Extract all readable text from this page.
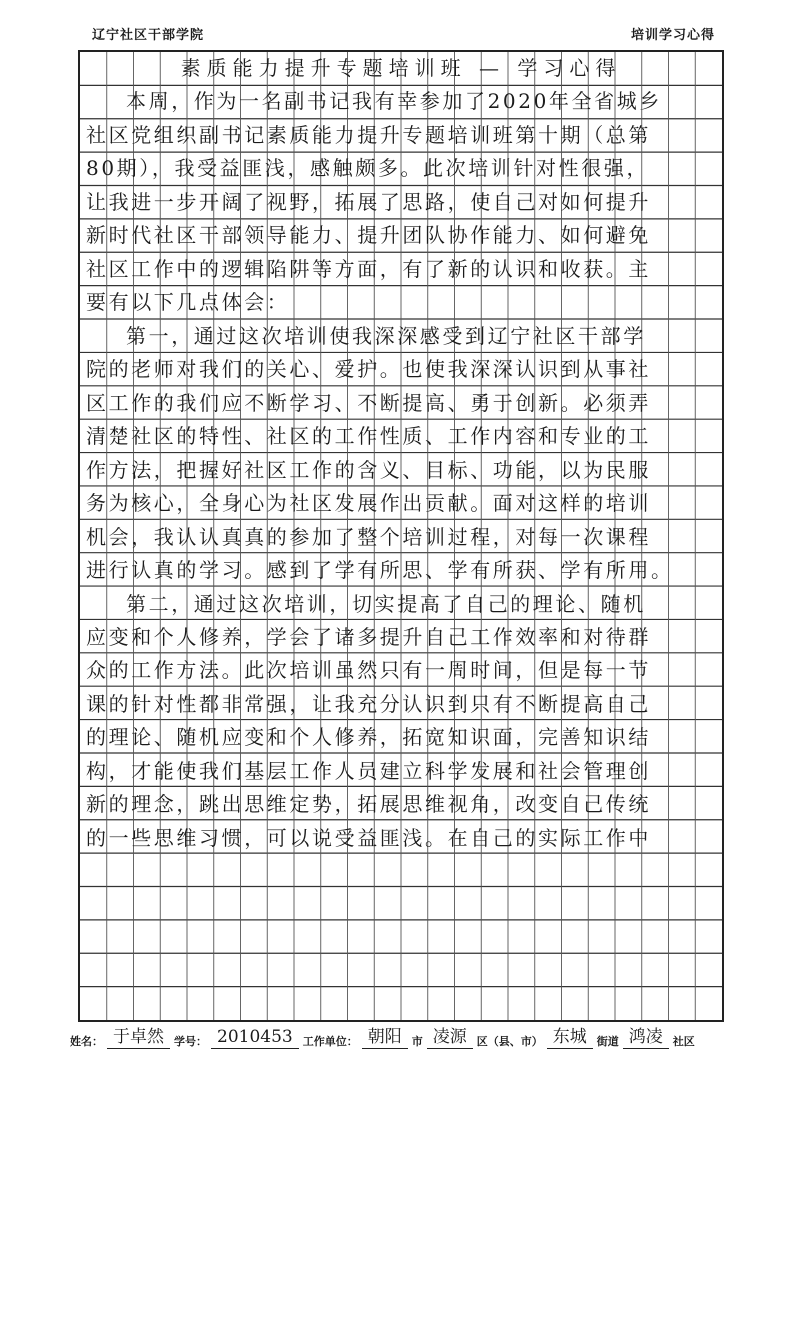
辽宁社区干部学院	培训学习心得
素质能力提升专题培训班 — 学习心得
本周，作为一名副书记我有幸参加了2020年全省城乡
社区党组织副书记素质能力提升专题培训班第十期（总第
80期），我受益匪浅，感触颇多。此次培训针对性很强，
让我进一步开阔了视野，拓展了思路，使自己对如何提升
新时代社区干部领导能力、提升团队协作能力、如何避免
社区工作中的逻辑陷阱等方面，有了新的认识和收获。主
要有以下几点体会：
第一，通过这次培训使我深深感受到辽宁社区干部学
院的老师对我们的关心、爱护。也使我深深认识到从事社
区工作的我们应不断学习、不断提高、勇于创新。必须弄
清楚社区的特性、社区的工作性质、工作内容和专业的工
作方法，把握好社区工作的含义、目标、功能，以为民服
务为核心，全身心为社区发展作出贡献。面对这样的培训
机会，我认认真真的参加了整个培训过程，对每一次课程
进行认真的学习。感到了学有所思、学有所获、学有所用。
第二，通过这次培训，切实提高了自己的理论、随机
应变和个人修养，学会了诸多提升自己工作效率和对待群
众的工作方法。此次培训虽然只有一周时间，但是每一节
课的针对性都非常强，让我充分认识到只有不断提高自己
的理论、随机应变和个人修养，拓宽知识面，完善知识结
构，才能使我们基层工作人员建立科学发展和社会管理创
新的理念，跳出思维定势，拓展思维视角，改变自己传统
的一些思维习惯，可以说受益匪浅。在自己的实际工作中
姓名： 于卓然 学号： 2010453 工作单位： 朝阳 市 凌源 区（县、市） 东城 街道 鸿凌 社区
